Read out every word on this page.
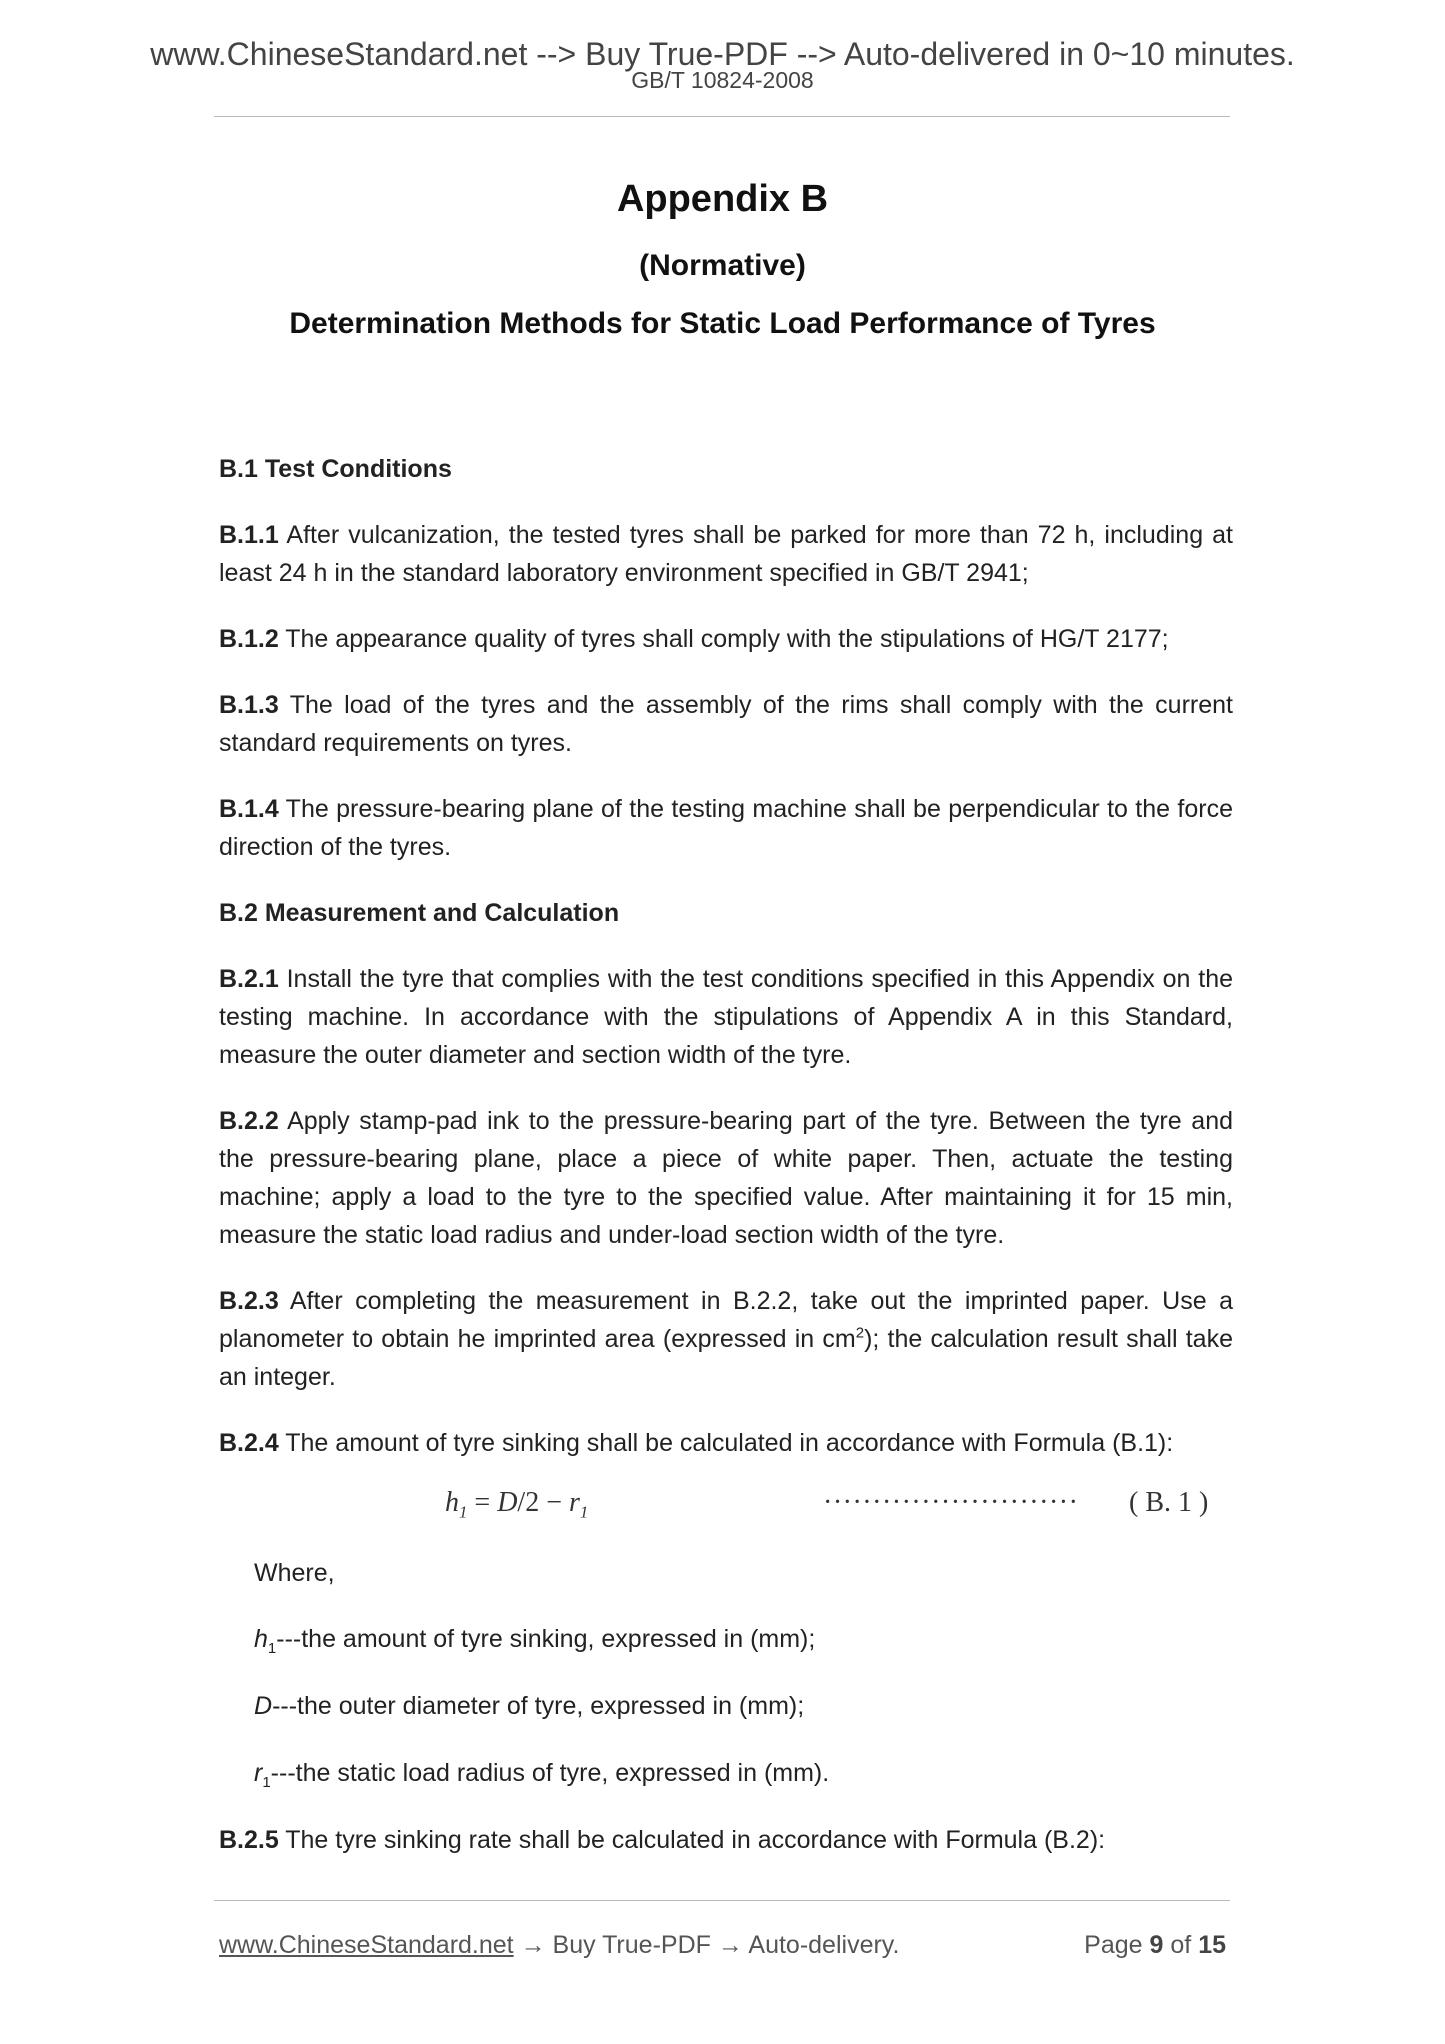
www.ChineseStandard.net --> Buy True-PDF --> Auto-delivered in 0~10 minutes.
GB/T 10824-2008
Appendix B
(Normative)
Determination Methods for Static Load Performance of Tyres
B.1 Test Conditions

B.1.1 After vulcanization, the tested tyres shall be parked for more than 72 h, including at least 24 h in the standard laboratory environment specified in GB/T 2941;

B.1.2 The appearance quality of tyres shall comply with the stipulations of HG/T 2177;

B.1.3 The load of the tyres and the assembly of the rims shall comply with the current standard requirements on tyres.

B.1.4 The pressure-bearing plane of the testing machine shall be perpendicular to the force direction of the tyres.

B.2 Measurement and Calculation

B.2.1 Install the tyre that complies with the test conditions specified in this Appendix on the testing machine. In accordance with the stipulations of Appendix A in this Standard, measure the outer diameter and section width of the tyre.

B.2.2 Apply stamp-pad ink to the pressure-bearing part of the tyre. Between the tyre and the pressure-bearing plane, place a piece of white paper. Then, actuate the testing machine; apply a load to the tyre to the specified value. After maintaining it for 15 min, measure the static load radius and under-load section width of the tyre.

B.2.3 After completing the measurement in B.2.2, take out the imprinted paper. Use a planometer to obtain he imprinted area (expressed in $cm^2$); the calculation result shall take an integer.

B.2.4 The amount of tyre sinking shall be calculated in accordance with Formula (B.1):

$h_1 = D/2 - r_1$	·························· ( B. 1 )

Where,

$h_1--$-the amount of tyre sinking, expressed in (mm);

D---the outer diameter of tyre, expressed in (mm);

$r_1--$-the static load radius of tyre, expressed in (mm).

B.2.5 The tyre sinking rate shall be calculated in accordance with Formula (B.2):

www.ChineseStandard.net → Buy True-PDF → Auto-delivery.	Page 9 of 15
